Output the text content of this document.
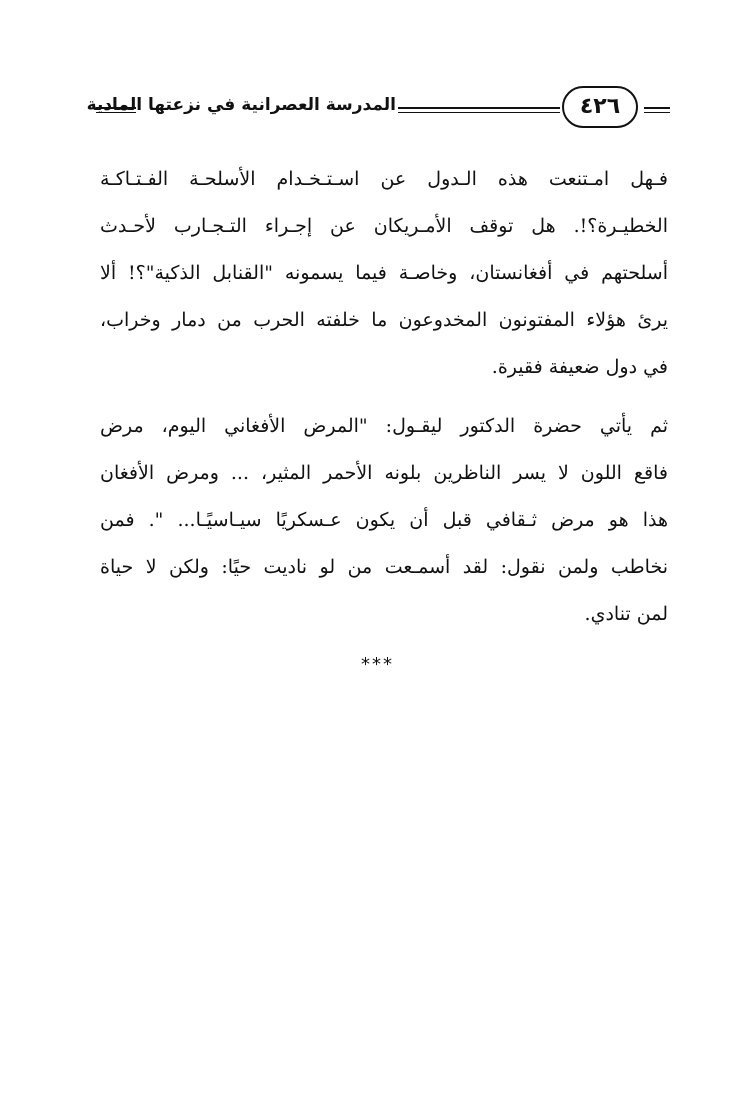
المدرسة العصرانية في نزعتها المادية	٤٢٦

فـهل امـتنعت هذه الـدول عن اسـتـخـدام الأسلحـة الفـتـاكـة
الخطيـرة؟!. هل توقف الأمـريكان عن إجـراء التـجـارب لأحـدث
أسلحتهم في أفغانستان، وخاصـة فيما يسمونه "القنابل الذكية"؟! ألا
يرئ هؤلاء المفتونون المخدوعون ما خلفته الحرب من دمار وخراب،
في دول ضعيفة فقيرة.

ثم يأتي حضرة الدكتور ليقـول: "المرض الأفغاني اليوم، مرض
فاقع اللون لا يسر الناظرين بلونه الأحمر المثير، ... ومرض الأفغان
هذا هو مرض ثـقافي قبل أن يكون عـسكريًا سيـاسيًـا... ". فمن
نخاطب ولمن نقول: لقد أسمـعت من لو ناديت حيًا: ولكن لا حياة
لمن تنادي.

***
